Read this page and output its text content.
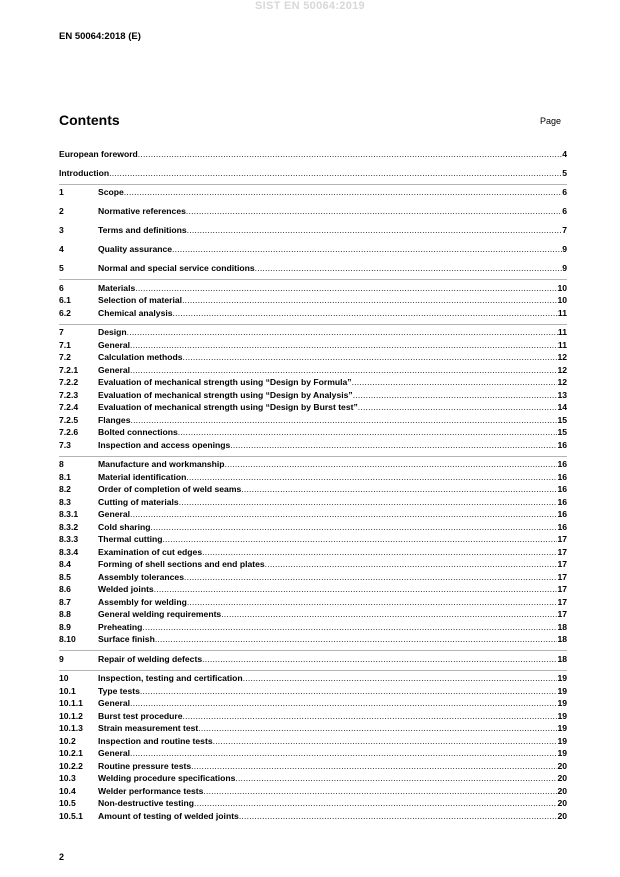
SIST EN 50064:2019
EN 50064:2018 (E)
Contents	Page
European foreword .....	4
Introduction .....	5
1	Scope .....	6
2	Normative references .....	6
3	Terms and definitions .....	7
4	Quality assurance .....	9
5	Normal and special service conditions .....	9
6	Materials .....	10
6.1	Selection of material .....	10
6.2	Chemical analysis .....	11
7	Design .....	11
7.1	General .....	11
7.2	Calculation methods .....	12
7.2.1	General .....	12
7.2.2	Evaluation of mechanical strength using “Design by Formula” .....	12
7.2.3	Evaluation of mechanical strength using “Design by Analysis” .....	13
7.2.4	Evaluation of mechanical strength using “Design by Burst test” .....	14
7.2.5	Flanges .....	15
7.2.6	Bolted connections .....	15
7.3	Inspection and access openings .....	16
8	Manufacture and workmanship .....	16
8.1	Material identification .....	16
8.2	Order of completion of weld seams .....	16
8.3	Cutting of materials .....	16
8.3.1	General .....	16
8.3.2	Cold sharing .....	16
8.3.3	Thermal cutting .....	17
8.3.4	Examination of cut edges .....	17
8.4	Forming of shell sections and end plates .....	17
8.5	Assembly tolerances .....	17
8.6	Welded joints .....	17
8.7	Assembly for welding .....	17
8.8	General welding requirements .....	17
8.9	Preheating .....	18
8.10	Surface finish .....	18
9	Repair of welding defects .....	18
10	Inspection, testing and certification .....	19
10.1	Type tests .....	19
10.1.1	General .....	19
10.1.2	Burst test procedure .....	19
10.1.3	Strain measurement test .....	19
10.2	Inspection and routine tests .....	19
10.2.1	General .....	19
10.2.2	Routine pressure tests .....	20
10.3	Welding procedure specifications .....	20
10.4	Welder performance tests .....	20
10.5	Non-destructive testing .....	20
10.5.1	Amount of testing of welded joints .....	20
2
